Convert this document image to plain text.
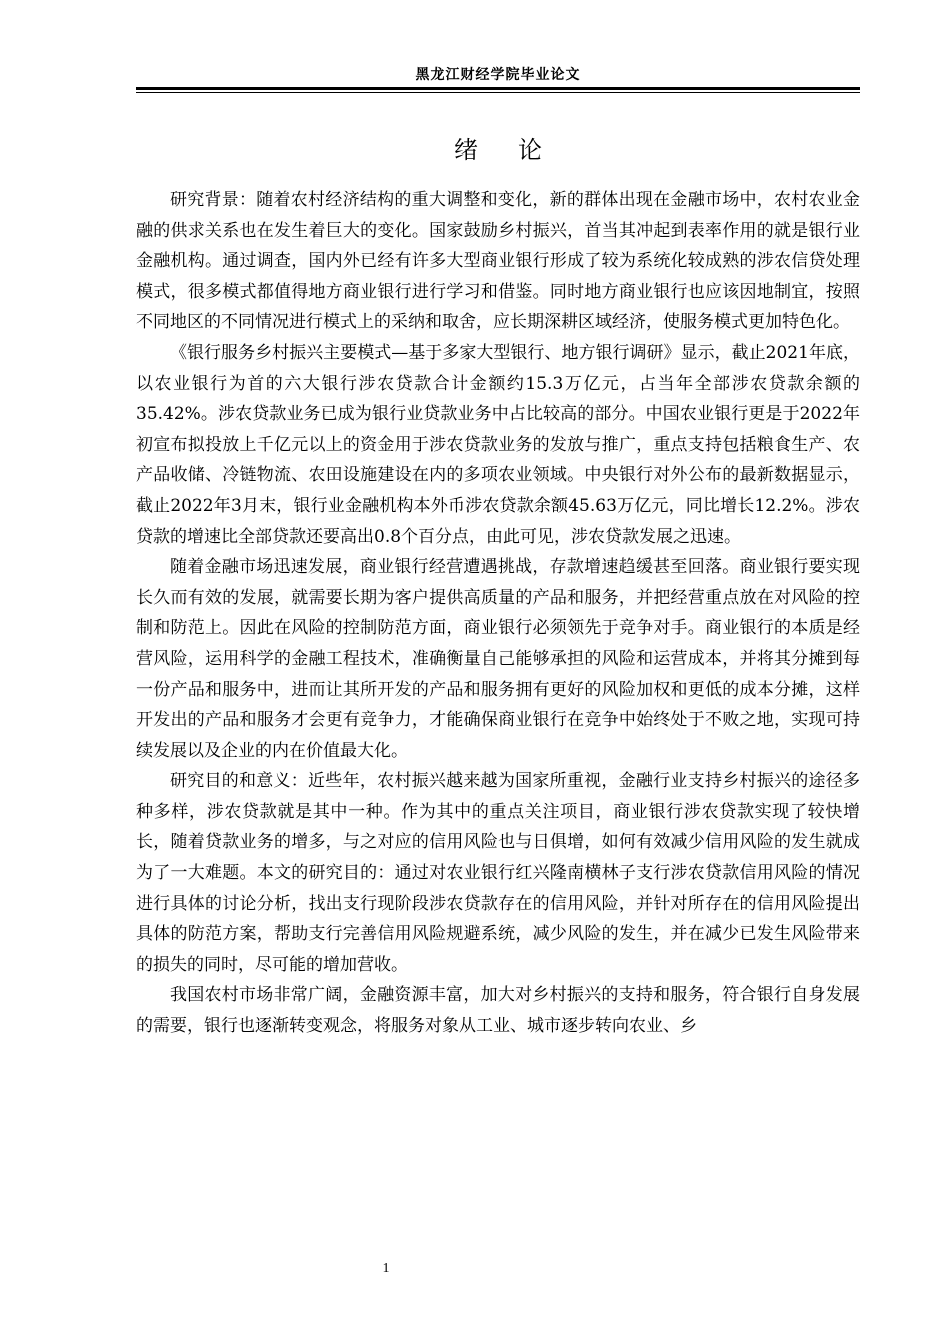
黑龙江财经学院毕业论文
绪 论

研究背景：随着农村经济结构的重大调整和变化，新的群体出现在金融市场中，农村农业金融的供求关系也在发生着巨大的变化。国家鼓励乡村振兴，首当其冲起到表率作用的就是银行业金融机构。通过调查，国内外已经有许多大型商业银行形成了较为系统化较成熟的涉农信贷处理模式，很多模式都值得地方商业银行进行学习和借鉴。同时地方商业银行也应该因地制宜，按照不同地区的不同情况进行模式上的采纳和取舍，应长期深耕区域经济，使服务模式更加特色化。

《银行服务乡村振兴主要模式—基于多家大型银行、地方银行调研》显示，截止2021年底，以农业银行为首的六大银行涉农贷款合计金额约15.3万亿元，占当年全部涉农贷款余额的35.42%。涉农贷款业务已成为银行业贷款业务中占比较高的部分。中国农业银行更是于2022年初宣布拟投放上千亿元以上的资金用于涉农贷款业务的发放与推广，重点支持包括粮食生产、农产品收储、冷链物流、农田设施建设在内的多项农业领域。中央银行对外公布的最新数据显示，截止2022年3月末，银行业金融机构本外币涉农贷款余额45.63万亿元，同比增长12.2%。涉农贷款的增速比全部贷款还要高出0.8个百分点，由此可见，涉农贷款发展之迅速。

随着金融市场迅速发展，商业银行经营遭遇挑战，存款增速趋缓甚至回落。商业银行要实现长久而有效的发展，就需要长期为客户提供高质量的产品和服务，并把经营重点放在对风险的控制和防范上。因此在风险的控制防范方面，商业银行必须领先于竞争对手。商业银行的本质是经营风险，运用科学的金融工程技术，准确衡量自己能够承担的风险和运营成本，并将其分摊到每一份产品和服务中，进而让其所开发的产品和服务拥有更好的风险加权和更低的成本分摊，这样开发出的产品和服务才会更有竞争力，才能确保商业银行在竞争中始终处于不败之地，实现可持续发展以及企业的内在价值最大化。

研究目的和意义：近些年，农村振兴越来越为国家所重视，金融行业支持乡村振兴的途径多种多样，涉农贷款就是其中一种。作为其中的重点关注项目，商业银行涉农贷款实现了较快增长，随着贷款业务的增多，与之对应的信用风险也与日俱增，如何有效减少信用风险的发生就成为了一大难题。本文的研究目的：通过对农业银行红兴隆南横林子支行涉农贷款信用风险的情况进行具体的讨论分析，找出支行现阶段涉农贷款存在的信用风险，并针对所存在的信用风险提出具体的防范方案，帮助支行完善信用风险规避系统，减少风险的发生，并在减少已发生风险带来的损失的同时，尽可能的增加营收。

我国农村市场非常广阔，金融资源丰富，加大对乡村振兴的支持和服务，符合银行自身发展的需要，银行也逐渐转变观念，将服务对象从工业、城市逐步转向农业、乡

1
